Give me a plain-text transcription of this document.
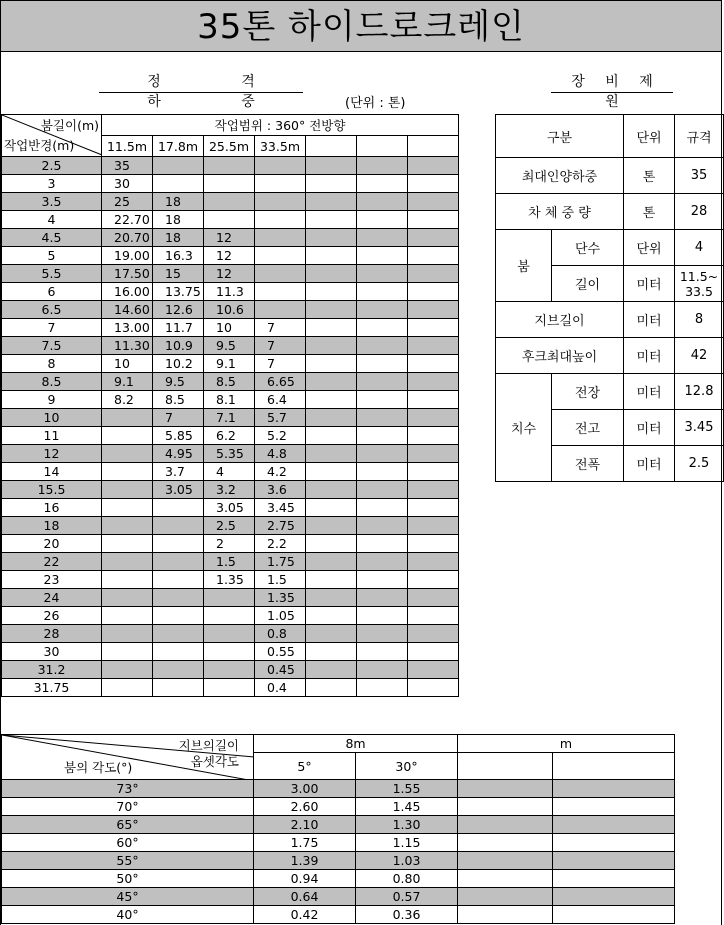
35톤 하이드로크레인
정 격 하 중	(단위 : 톤)
장 비 제 원
붐길이(m)
작업반경(m)	작업범위 : 360° 전방향						
	11.5m	17.8m	25.5m	33.5m			
2.5	35						
3	30						
3.5	25	18					
4	22.70	18					
4.5	20.70	18	12				
5	19.00	16.3	12				
5.5	17.50	15	12				
6	16.00	13.75	11.3				
6.5	14.60	12.6	10.6				
7	13.00	11.7	10	7			
7.5	11.30	10.9	9.5	7			
8	10	10.2	9.1	7			
8.5	9.1	9.5	8.5	6.65			
9	8.2	8.5	8.1	6.4			
10		7	7.1	5.7			
11		5.85	6.2	5.2			
12		4.95	5.35	4.8			
14		3.7	4	4.2			
15.5		3.05	3.2	3.6			
16			3.05	3.45			
18			2.5	2.75			
20			2	2.2			
22			1.5	1.75			
23			1.35	1.5			
24				1.35			
26				1.05			
28				0.8			
30				0.55			
31.2				0.45			
31.75				0.4			
구분		단위	규격
최대인양하중		톤	35
차 체 중 량		톤	28
붐	단수	단위	4
	길이	미터	11.5~33.5
지브길이		미터	8
후크최대높이		미터	42
치수	전장	미터	12.8
	전고	미터	3.45
	전폭	미터	2.5
지브의길이
옵셋각도
붐의 각도(°)	8m		m	
	5°	30°		
73°	3.00	1.55		
70°	2.60	1.45		
65°	2.10	1.30		
60°	1.75	1.15		
55°	1.39	1.03		
50°	0.94	0.80		
45°	0.64	0.57		
40°	0.42	0.36		
